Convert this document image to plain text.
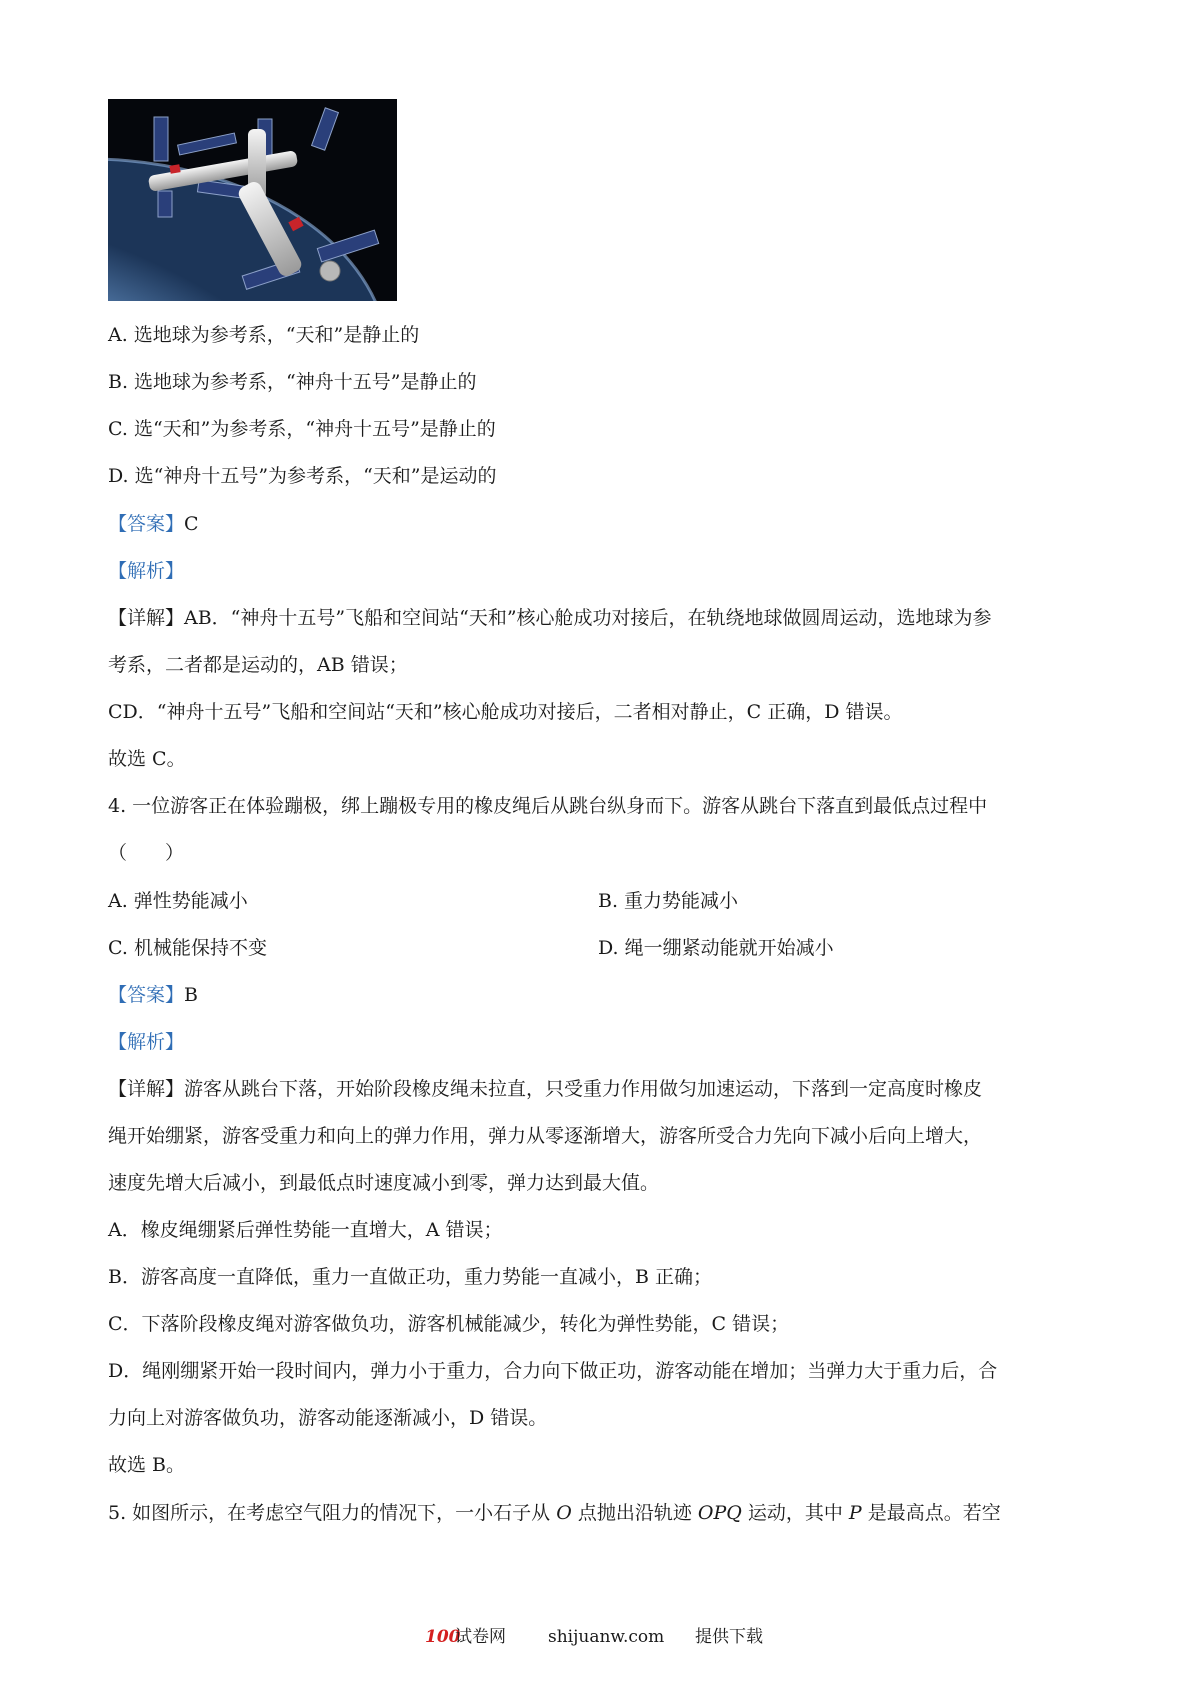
A. 选地球为参考系，“天和”是静止的
B. 选地球为参考系，“神舟十五号”是静止的
C. 选“天和”为参考系，“神舟十五号”是静止的
D. 选“神舟十五号”为参考系，“天和”是运动的
【答案】C
【解析】
【详解】AB．“神舟十五号”飞船和空间站“天和”核心舱成功对接后，在轨绕地球做圆周运动，选地球为参
考系，二者都是运动的，AB 错误；
CD．“神舟十五号”飞船和空间站“天和”核心舱成功对接后，二者相对静止，C 正确，D 错误。
故选 C。
4. 一位游客正在体验蹦极，绑上蹦极专用的橡皮绳后从跳台纵身而下。游客从跳台下落直到最低点过程中
（　　）
A. 弹性势能减小	B. 重力势能减小
C. 机械能保持不变	D. 绳一绷紧动能就开始减小
【答案】B
【解析】
【详解】游客从跳台下落，开始阶段橡皮绳未拉直，只受重力作用做匀加速运动，下落到一定高度时橡皮
绳开始绷紧，游客受重力和向上的弹力作用，弹力从零逐渐增大，游客所受合力先向下减小后向上增大，
速度先增大后减小，到最低点时速度减小到零，弹力达到最大值。
A．橡皮绳绷紧后弹性势能一直增大，A 错误；
B．游客高度一直降低，重力一直做正功，重力势能一直减小，B 正确；
C．下落阶段橡皮绳对游客做负功，游客机械能减少，转化为弹性势能，C 错误；
D．绳刚绷紧开始一段时间内，弹力小于重力，合力向下做正功，游客动能在增加；当弹力大于重力后，合
力向上对游客做负功，游客动能逐渐减小，D 错误。
故选 B。
5. 如图所示，在考虑空气阻力的情况下，一小石子从 O 点抛出沿轨迹 OPQ 运动，其中 P 是最高点。若空
100
试卷网 shijuanw.com 提供下载
